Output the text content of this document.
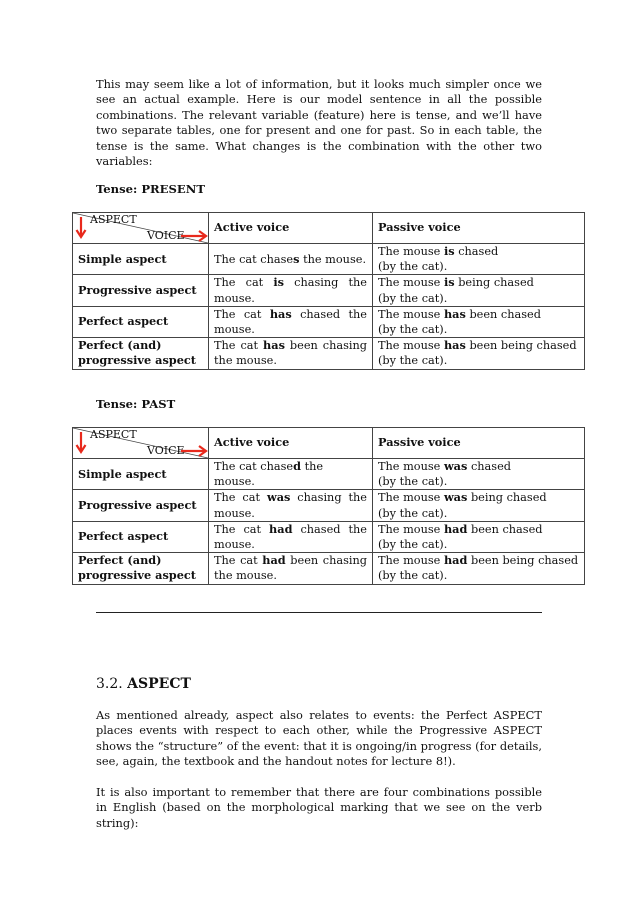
This may seem like a lot of information, but it looks much simpler once we see an actual example. Here is our model sentence in all the possible combinations. The relevant variable (feature) here is tense, and we’ll have two separate tables, one for present and one for past. So in each table, the tense is the same. What changes is the combination with the other two variables:

Tense: PRESENT

ASPECT
VOICE	Active voice	Passive voice
Simple aspect	The cat chases the mouse.	The mouse is chased
(by the cat).
Progressive aspect	The cat is chasing the mouse.	The mouse is being chased
(by the cat).
Perfect aspect	The cat has chased the mouse.	The mouse has been chased
(by the cat).
Perfect (and) progressive aspect	The cat has been chasing the mouse.	The mouse has been being chased
(by the cat).

Tense: PAST

ASPECT
VOICE	Active voice	Passive voice
Simple aspect	The cat chased the mouse.	The mouse was chased
(by the cat).
Progressive aspect	The cat was chasing the mouse.	The mouse was being chased
(by the cat).
Perfect aspect	The cat had chased the mouse.	The mouse had been chased
(by the cat).
Perfect (and) progressive aspect	The cat had been chasing the mouse.	The mouse had been being chased
(by the cat).

3.2. ASPECT

As mentioned already, aspect also relates to events: the Perfect ASPECT places events with respect to each other, while the Progressive ASPECT shows the “structure” of the event: that it is ongoing/in progress (for details, see, again, the textbook and the handout notes for lecture 8!).

It is also important to remember that there are four combinations possible in English (based on the morphological marking that we see on the verb string):
